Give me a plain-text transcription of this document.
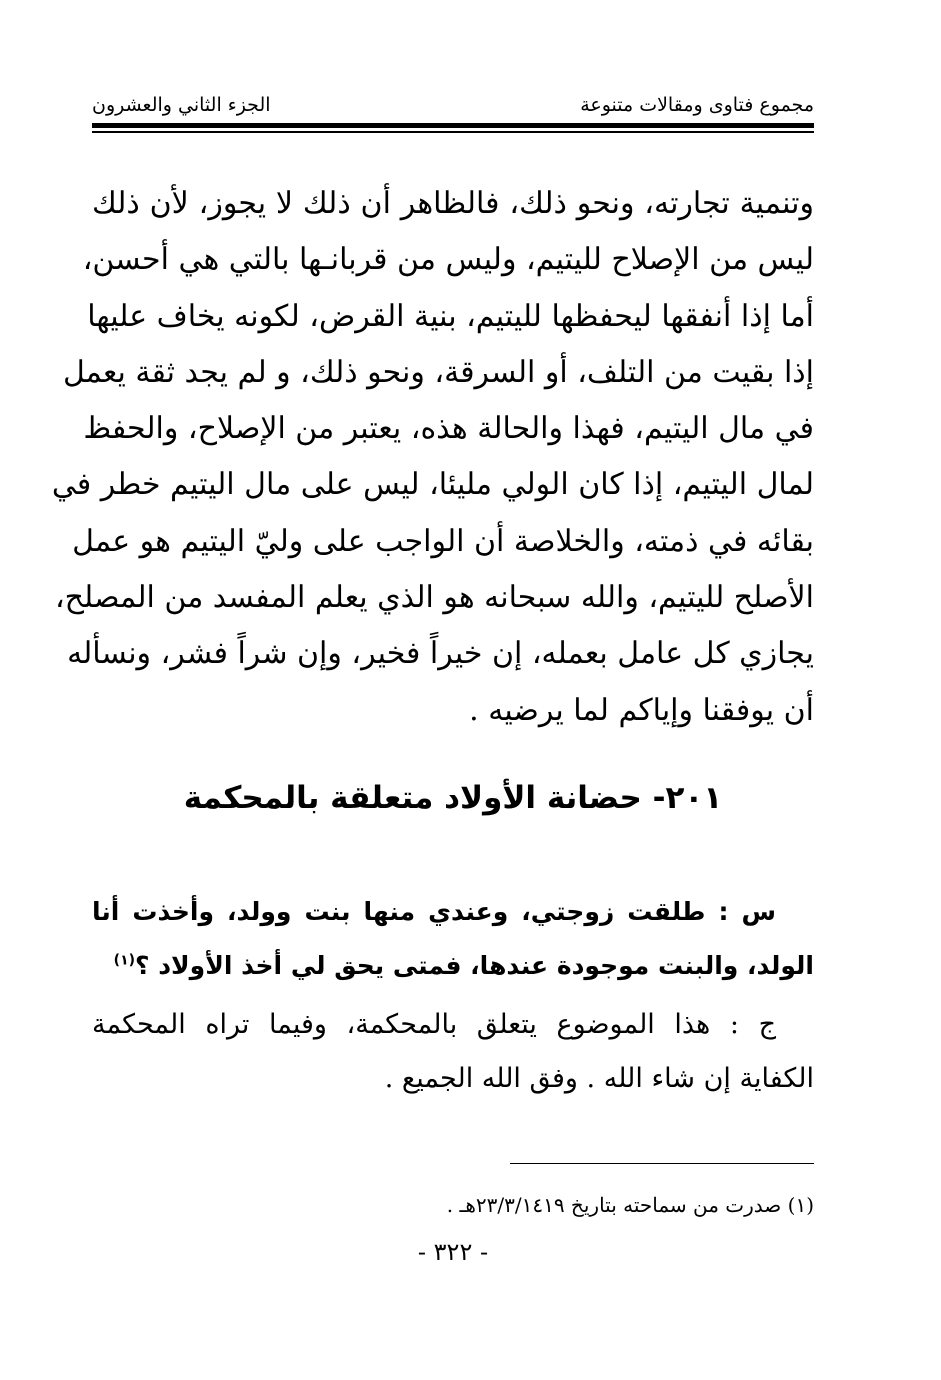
مجموع فتاوى ومقالات متنوعة
الجزء الثاني والعشرون
وتنمية تجارته، ونحو ذلك، فالظاهر أن ذلك لا يجوز، لأن ذلك
ليس من الإصلاح لليتيم، وليس من قربانـها بالتي هي أحسن،
أما إذا أنفقها ليحفظها لليتيم، بنية القرض، لكونه يخاف عليها
إذا بقيت من التلف، أو السرقة، ونحو ذلك، و لم يجد ثقة يعمل
في مال اليتيم، فهذا والحالة هذه، يعتبر من الإصلاح، والحفظ
لمال اليتيم، إذا كان الولي مليئا، ليس على مال اليتيم خطر في
بقائه في ذمته، والخلاصة أن الواجب على وليّ اليتيم هو عمل
الأصلح لليتيم، والله سبحانه هو الذي يعلم المفسد من المصلح،
يجازي كل عامل بعمله، إن خيراً فخير، وإن شراً فشر، ونسأله
أن يوفقنا وإياكم لما يرضيه .
٢٠١- حضانة الأولاد متعلقة بالمحكمة
س : طلقت زوجتي، وعندي منها بنت وولد، وأخذت أنا
الولد، والبنت موجودة عندها، فمتى يحق لي أخذ الأولاد ؟$^{(١)}$
ج : هذا الموضوع يتعلق بالمحكمة، وفيما تراه المحكمة
الكفاية إن شاء الله . وفق الله الجميع .
(١) صدرت من سماحته بتاريخ ٢٣/٣/١٤١٩هـ .
- ٣٢٢ -
